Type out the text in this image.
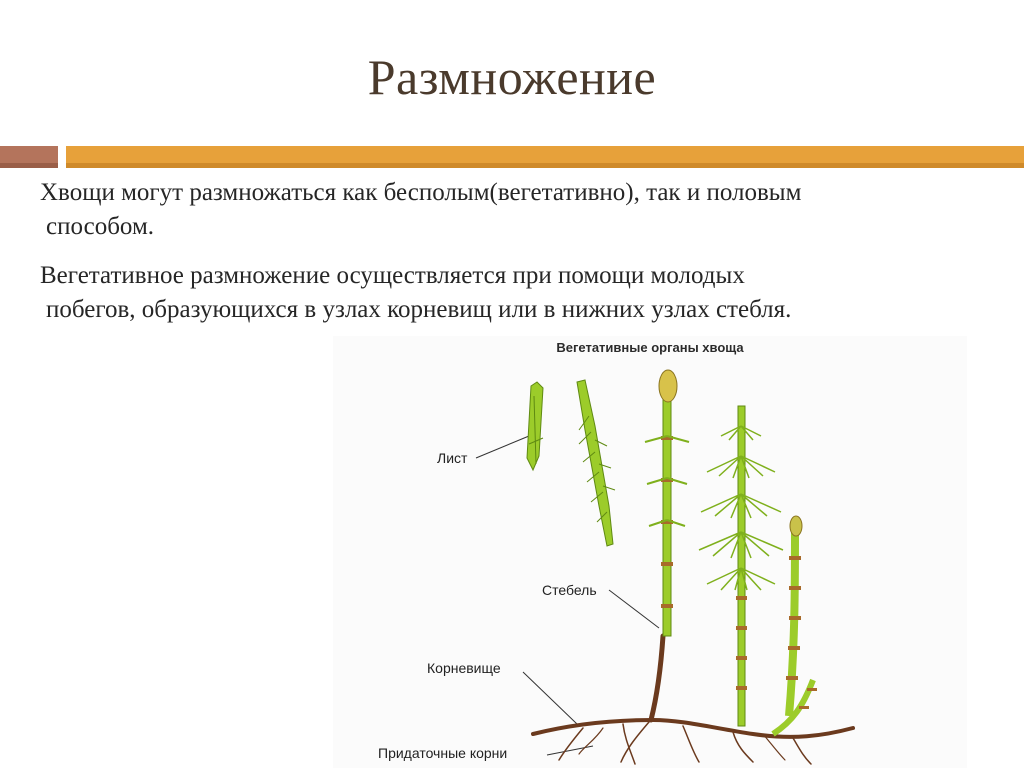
Размножение

Хвощи могут размножаться как бесполым(вегетативно), так и половым способом.

Вегетативное размножение осуществляется при помощи молодых побегов, образующихся в узлах корневищ или в нижних узлах стебля.

Вегетативные органы хвоща
Лист
Стебель
Корневище
Придаточные корни
